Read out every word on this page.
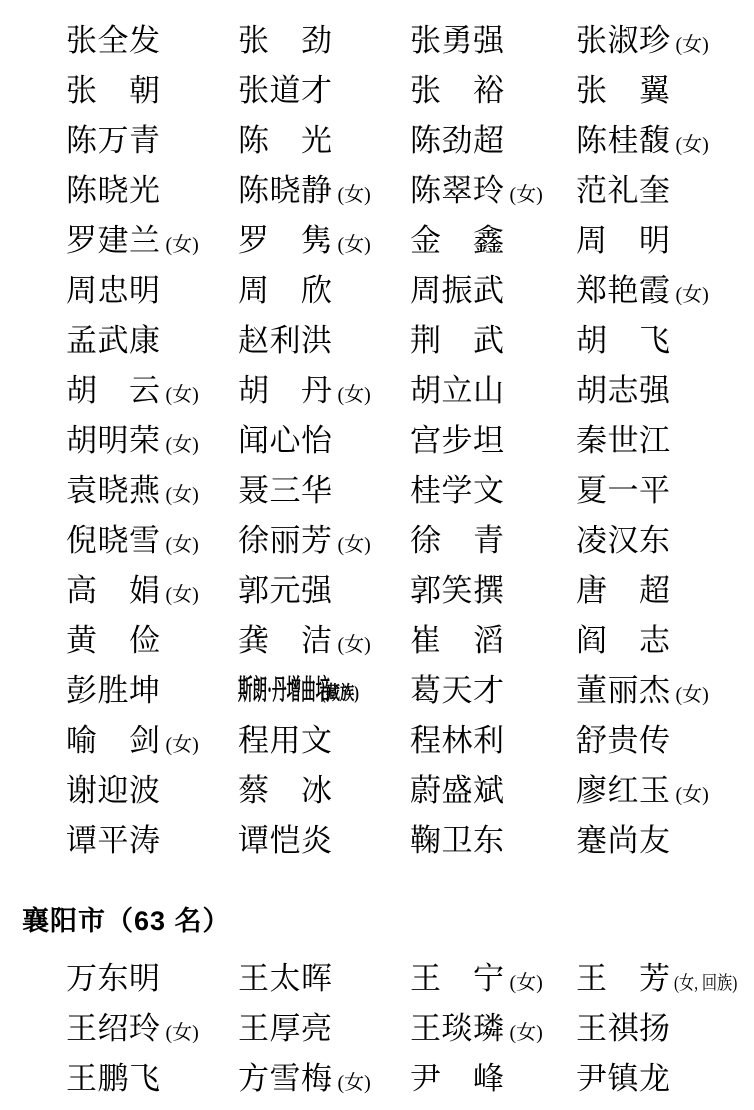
张全发	张　劲	张勇强 张淑珍 (女)
张　朝	张道才	张　裕 张　翼
陈万青	陈　光	陈劲超 陈桂馥 (女)
陈晓光	陈晓静 (女) 陈翠玲 (女) 范礼奎
罗建兰 (女) 罗　隽 (女) 金　鑫 周　明
周忠明	周　欣	周振武 郑艳霞 (女)
孟武康	赵利洪	荆　武 胡　飞
胡　云 (女) 胡　丹 (女) 胡立山 胡志强
胡明荣 (女) 闻心怡	宫步坦 秦世江
袁晓燕 (女) 聂三华	桂学文 夏一平
倪晓雪 (女) 徐丽芳 (女) 徐　青 凌汉东
高　娟 (女) 郭元强	郭笑撰 唐　超
黄　俭	龚　洁 (女) 崔　滔 阎　志
彭胜坤	斯朗·丹增曲培(藏族) 葛天才 董丽杰 (女)
喻　剑 (女) 程用文	程林利 舒贵传
谢迎波	蔡　冰	蔚盛斌 廖红玉 (女)
谭平涛	谭恺炎	鞠卫东 蹇尚友
襄阳市（63 名）
万东明	王太晖	王　宁 (女) 王　芳 (女, 回族)
王绍玲 (女) 王厚亮	王琰璘 (女) 王祺扬
王鹏飞	方雪梅 (女) 尹　峰 尹镇龙
